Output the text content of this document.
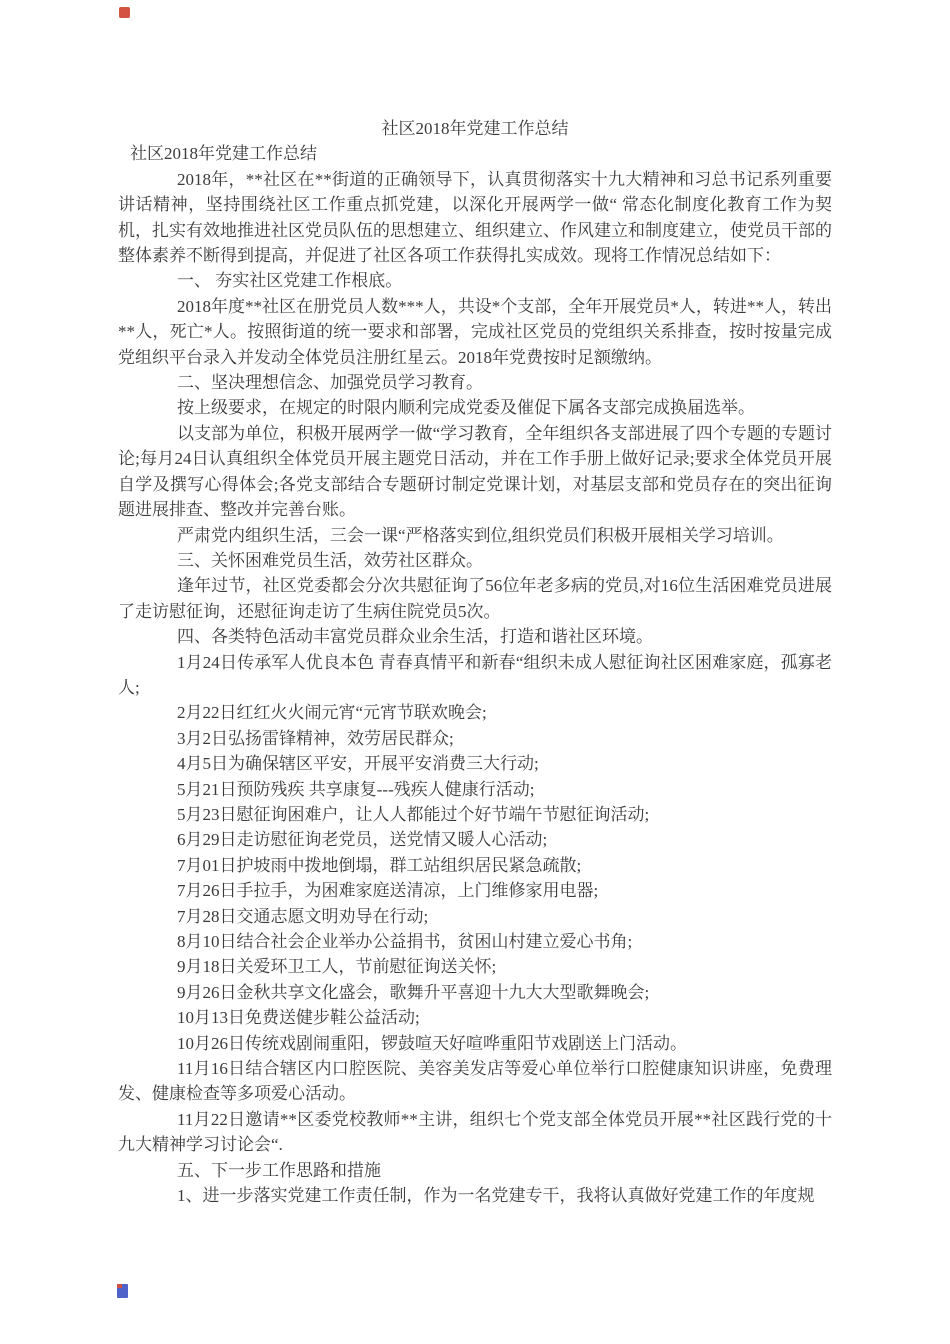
社区2018年党建工作总结

社区2018年党建工作总结

2018年，**社区在**街道的正确领导下，认真贯彻落实十九大精神和习总书记系列重要讲话精神，坚持围绕社区工作重点抓党建，以深化开展两学一做“ 常态化制度化教育工作为契机，扎实有效地推进社区党员队伍的思想建立、组织建立、作风建立和制度建立，使党员干部的整体素养不断得到提高，并促进了社区各项工作获得扎实成效。现将工作情况总结如下：

一、 夯实社区党建工作根底。

2018年度**社区在册党员人数***人，共设*个支部，全年开展党员*人，转进**人，转出**人，死亡*人。按照街道的统一要求和部署，完成社区党员的党组织关系排查，按时按量完成党组织平台录入并发动全体党员注册红星云。2018年党费按时足额缴纳。

二、坚决理想信念、加强党员学习教育。

按上级要求，在规定的时限内顺利完成党委及催促下属各支部完成换届选举。

以支部为单位，积极开展两学一做“学习教育，全年组织各支部进展了四个专题的专题讨论;每月24日认真组织全体党员开展主题党日活动，并在工作手册上做好记录;要求全体党员开展自学及撰写心得体会;各党支部结合专题研讨制定党课计划，对基层支部和党员存在的突出征询题进展排查、整改并完善台账。

严肃党内组织生活，三会一课“严格落实到位,组织党员们积极开展相关学习培训。

三、关怀困难党员生活，效劳社区群众。

逢年过节，社区党委都会分次共慰征询了56位年老多病的党员,对16位生活困难党员进展了走访慰征询，还慰征询走访了生病住院党员5次。

四、各类特色活动丰富党员群众业余生活，打造和谐社区环境。

1月24日传承军人优良本色 青春真情平和新春“组织未成人慰征询社区困难家庭，孤寡老人;

2月22日红红火火闹元宵“元宵节联欢晚会;

3月2日弘扬雷锋精神，效劳居民群众;

4月5日为确保辖区平安，开展平安消费三大行动;

5月21日预防残疾 共享康复---残疾人健康行活动;

5月23日慰征询困难户，让人人都能过个好节端午节慰征询活动;

6月29日走访慰征询老党员，送党情又暖人心活动;

7月01日护坡雨中拨地倒塌，群工站组织居民紧急疏散;

7月26日手拉手，为困难家庭送清凉，上门维修家用电器;

7月28日交通志愿文明劝导在行动;

8月10日结合社会企业举办公益捐书，贫困山村建立爱心书角;

9月18日关爱环卫工人，节前慰征询送关怀;

9月26日金秋共享文化盛会，歌舞升平喜迎十九大大型歌舞晚会;

10月13日免费送健步鞋公益活动;

10月26日传统戏剧闹重阳，锣鼓喧天好喧哗重阳节戏剧送上门活动。

11月16日结合辖区内口腔医院、美容美发店等爱心单位举行口腔健康知识讲座，免费理发、健康检查等多项爱心活动。

11月22日邀请**区委党校教师**主讲，组织七个党支部全体党员开展**社区践行党的十九大精神学习讨论会“.

五、下一步工作思路和措施

1、进一步落实党建工作责任制，作为一名党建专干，我将认真做好党建工作的年度规
